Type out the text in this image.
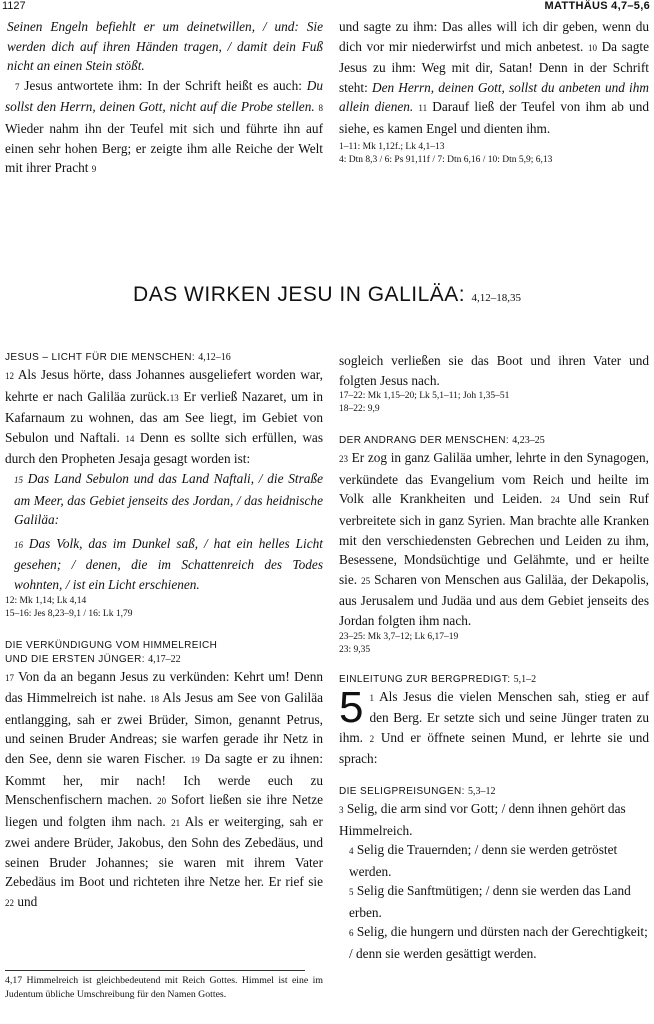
1127	MATTHÄUS 4,7–5,6

Seinen Engeln befiehlt er um deinetwillen, / und: Sie werden dich auf ihren Händen tragen, / damit dein Fuß nicht an einen Stein stößt.

7 Jesus antwortete ihm: In der Schrift heißt es auch: Du sollst den Herrn, deinen Gott, nicht auf die Probe stellen. 8 Wieder nahm ihn der Teufel mit sich und führte ihn auf einen sehr hohen Berg; er zeigte ihm alle Reiche der Welt mit ihrer Pracht 9

und sagte zu ihm: Das alles will ich dir geben, wenn du dich vor mir niederwirfst und mich anbetest. 10 Da sagte Jesus zu ihm: Weg mit dir, Satan! Denn in der Schrift steht: Den Herrn, deinen Gott, sollst du anbeten und ihm allein dienen. 11 Darauf ließ der Teufel von ihm ab und siehe, es kamen Engel und dienten ihm.

1–11: Mk 1,12f.; Lk 4,1–13
4: Dtn 8,3 / 6: Ps 91,11f / 7: Dtn 6,16 / 10: Dtn 5,9; 6,13
DAS WIRKEN JESU IN GALILÄA: 4,12–18,35

JESUS – LICHT FÜR DIE MENSCHEN: 4,12–16

12 Als Jesus hörte, dass Johannes ausgeliefert worden war, kehrte er nach Galiläa zurück.13 Er verließ Nazaret, um in Kafarnaum zu wohnen, das am See liegt, im Gebiet von Sebulon und Naftali. 14 Denn es sollte sich erfüllen, was durch den Propheten Jesaja gesagt worden ist:

15 Das Land Sebulon und das Land Naftali, / die Straße am Meer, das Gebiet jenseits des Jordan, / das heidnische Galiläa:

16 Das Volk, das im Dunkel saß, / hat ein helles Licht gesehen; / denen, die im Schattenreich des Todes wohnten, / ist ein Licht erschienen.

12: Mk 1,14; Lk 4,14
15–16: Jes 8,23–9,1 / 16: Lk 1,79

DIE VERKÜNDIGUNG VOM HIMMELREICH
UND DIE ERSTEN JÜNGER: 4,17–22

17 Von da an begann Jesus zu verkünden: Kehrt um! Denn das Himmelreich ist nahe. 18 Als Jesus am See von Galiläa entlangging, sah er zwei Brüder, Simon, genannt Petrus, und seinen Bruder Andreas; sie warfen gerade ihr Netz in den See, denn sie waren Fischer. 19 Da sagte er zu ihnen: Kommt her, mir nach! Ich werde euch zu Menschenfischern machen. 20 Sofort ließen sie ihre Netze liegen und folgten ihm nach. 21 Als er weiterging, sah er zwei andere Brüder, Jakobus, den Sohn des Zebedäus, und seinen Bruder Johannes; sie waren mit ihrem Vater Zebedäus im Boot und richteten ihre Netze her. Er rief sie 22 und

sogleich verließen sie das Boot und ihren Vater und folgten Jesus nach.

17–22: Mk 1,15–20; Lk 5,1–11; Joh 1,35–51
18–22: 9,9

DER ANDRANG DER MENSCHEN: 4,23–25

23 Er zog in ganz Galiläa umher, lehrte in den Synagogen, verkündete das Evangelium vom Reich und heilte im Volk alle Krankheiten und Leiden. 24 Und sein Ruf verbreitete sich in ganz Syrien. Man brachte alle Kranken mit den verschiedensten Gebrechen und Leiden zu ihm, Besessene, Mondsüchtige und Gelähmte, und er heilte sie. 25 Scharen von Menschen aus Galiläa, der Dekapolis, aus Jerusalem und Judäa und aus dem Gebiet jenseits des Jordan folgten ihm nach.

23–25: Mk 3,7–12; Lk 6,17–19
23: 9,35

EINLEITUNG ZUR BERGPREDIGT: 5,1–2

5 1 Als Jesus die vielen Menschen sah, stieg er auf den Berg. Er setzte sich und seine Jünger traten zu ihm. 2 Und er öffnete seinen Mund, er lehrte sie und sprach:

DIE SELIGPREISUNGEN: 5,3–12

3 Selig, die arm sind vor Gott; / denn ihnen gehört das Himmelreich.

4 Selig die Trauernden; / denn sie werden getröstet werden.

5 Selig die Sanftmütigen; / denn sie werden das Land erben.

6 Selig, die hungern und dürsten nach der Gerechtigkeit; / denn sie werden gesättigt werden.

4,17 Himmelreich ist gleichbedeutend mit Reich Gottes. Himmel ist eine im Judentum übliche Umschreibung für den Namen Gottes.
